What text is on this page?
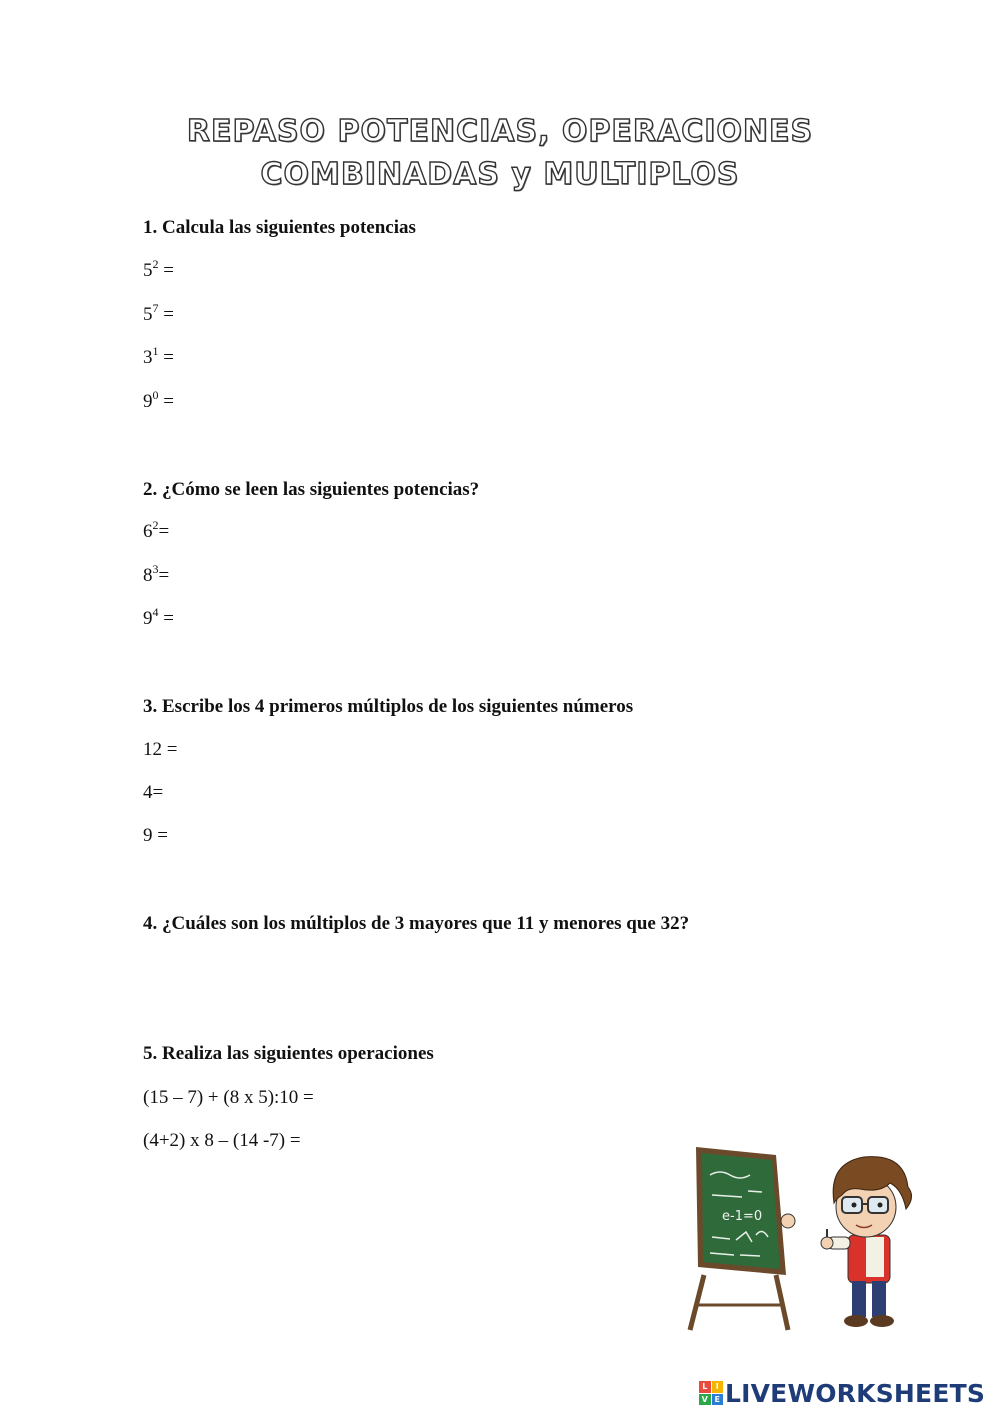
REPASO POTENCIAS, OPERACIONES
COMBINADAS y MULTIPLOS
1. Calcula las siguientes potencias
$5^2$ =
$5^7$ =
$3^1$ =
$9^0$ =
2. ¿Cómo se leen las siguientes potencias?
$6^2=$
$8^3=$
$9^4$ =
3. Escribe los 4 primeros múltiplos de los siguientes números
12 =
4=
9 =
4. ¿Cuáles son los múltiplos de 3 mayores que 11 y menores que 32?
5. Realiza las siguientes operaciones
(15 – 7) + (8 x 5):10 =
(4+2) x 8 – (14 -7) =
e-1=0
L	I
V E LIVEWORKSHEETS
